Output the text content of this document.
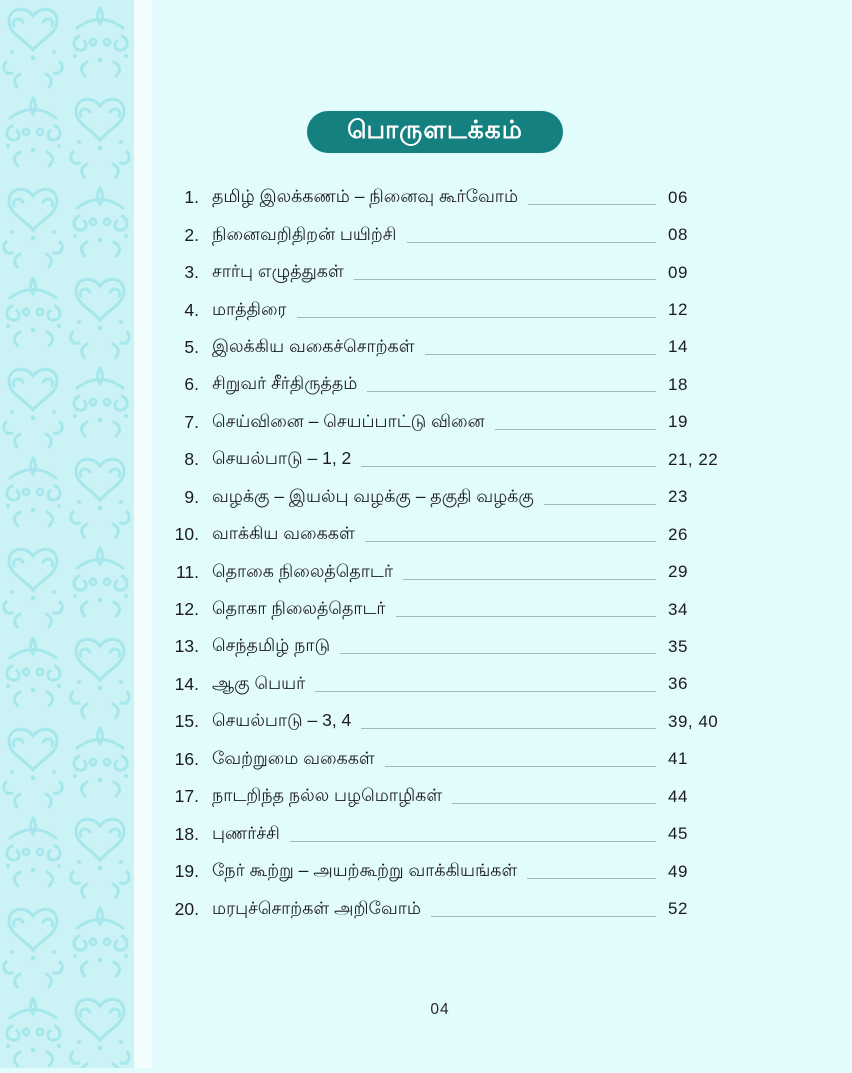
பொருளடக்கம்
1. தமிழ் இலக்கணம் – நினைவு கூர்வோம்	06
2. நினைவறிதிறன் பயிற்சி	08
3. சார்பு எழுத்துகள்	09
4. மாத்திரை	12
5. இலக்கிய வகைச்சொற்கள்	14
6. சிறுவர் சீர்திருத்தம்	18
7. செய்வினை – செயப்பாட்டு வினை	19
8. செயல்பாடு – 1, 2	21, 22
9. வழக்கு – இயல்பு வழக்கு – தகுதி வழக்கு	23
10. வாக்கிய வகைகள்	26
11. தொகை நிலைத்தொடர்	29
12. தொகா நிலைத்தொடர்	34
13. செந்தமிழ் நாடு	35
14. ஆகு பெயர்	36
15. செயல்பாடு – 3, 4	39, 40
16. வேற்றுமை வகைகள்	41
17. நாடறிந்த நல்ல பழமொழிகள்	44
18. புணர்ச்சி	45
19. நேர் கூற்று – அயற்கூற்று வாக்கியங்கள்	49
20. மரபுச்சொற்கள் அறிவோம்	52
04
